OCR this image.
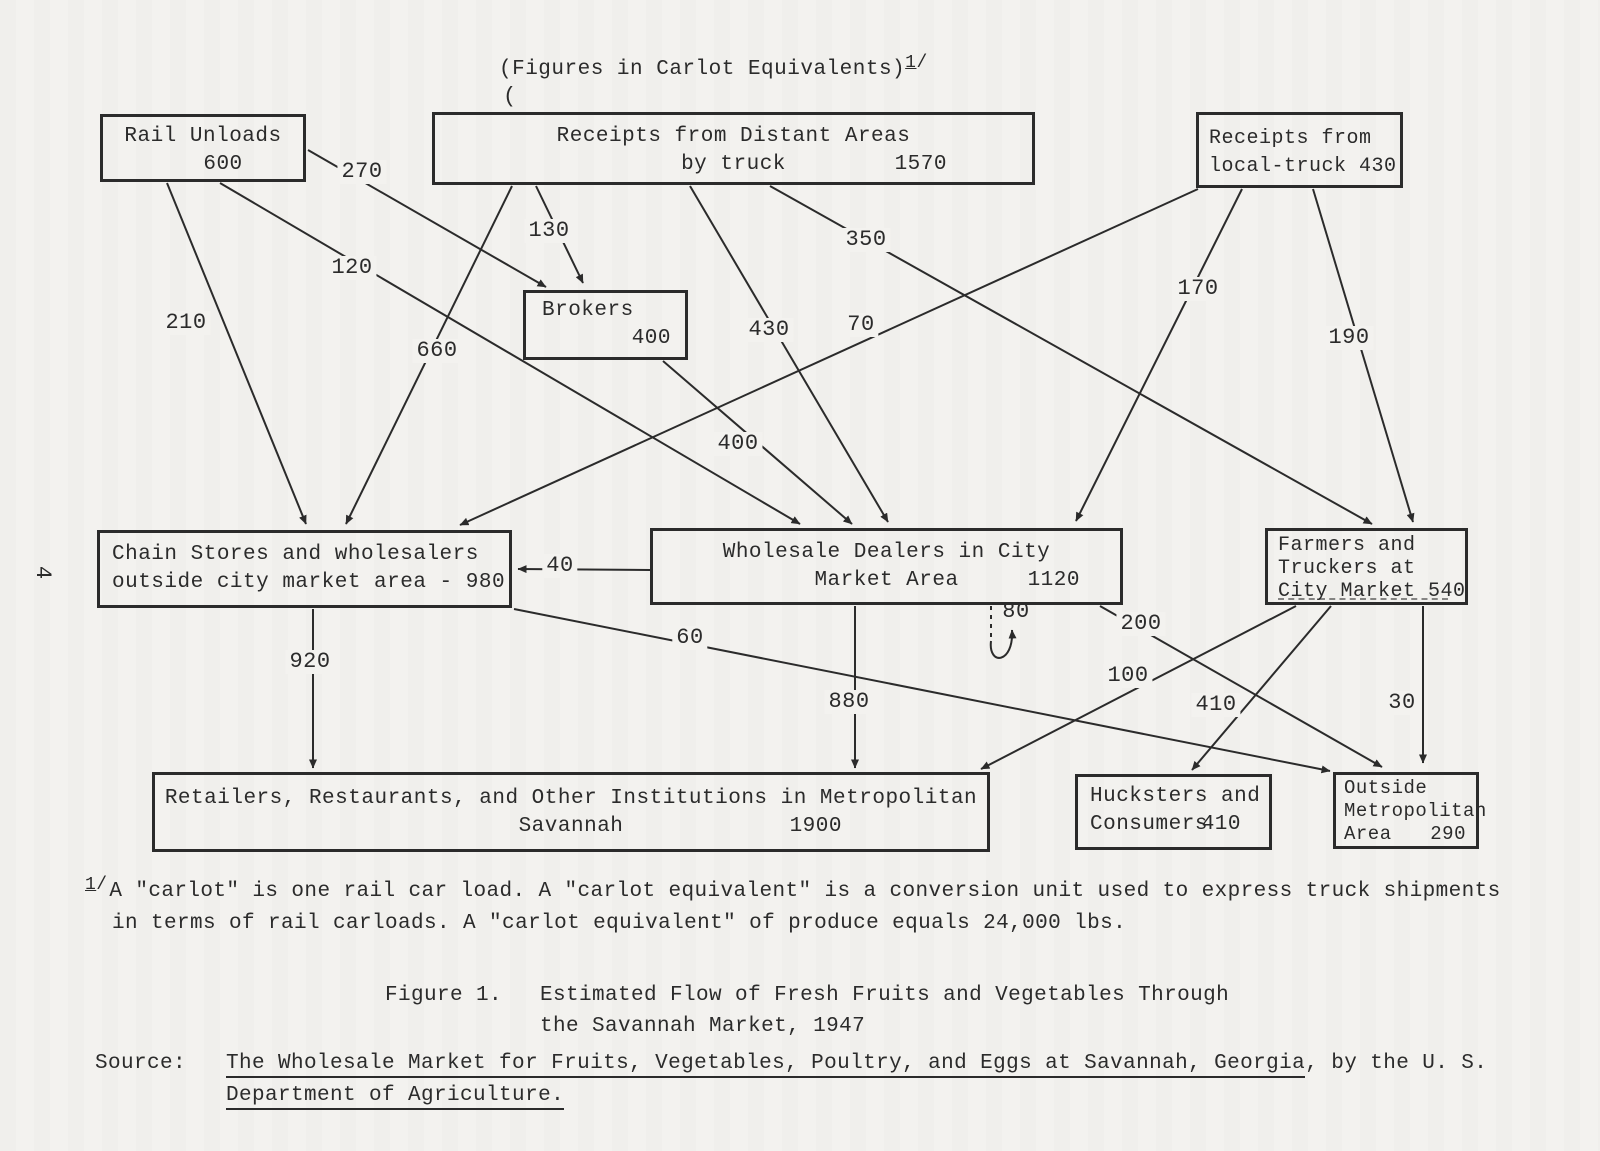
4
(Figures in Carlot Equivalents)1/
(
270
130	350
120
210
660
430	70
170
190
400
40
920
880
200
60
100
410	30
80
Rail Unloads
600
Receipts from Distant Areas
by truck	1570
Receipts from
local-truck 430
Brokers
400
Chain Stores and wholesalers
outside city market area - 980
Wholesale Dealers in City
Market Area	1120
Farmers and
Truckers at
City Market 540
Retailers, Restaurants, and Other Institutions in Metropolitan
Savannah	1900
Hucksters and
Consumers
410
Outside
Metropolitan
Area 290
1/A "carlot" is one rail car load. A "carlot equivalent" is a conversion unit used to express truck shipments
in terms of rail carloads. A "carlot equivalent" of produce equals 24,000 lbs.
Figure 1. Estimated Flow of Fresh Fruits and Vegetables Through
the Savannah Market, 1947
Source: The Wholesale Market for Fruits, Vegetables, Poultry, and Eggs at Savannah, Georgia, by the U. S.
Department of Agriculture.
